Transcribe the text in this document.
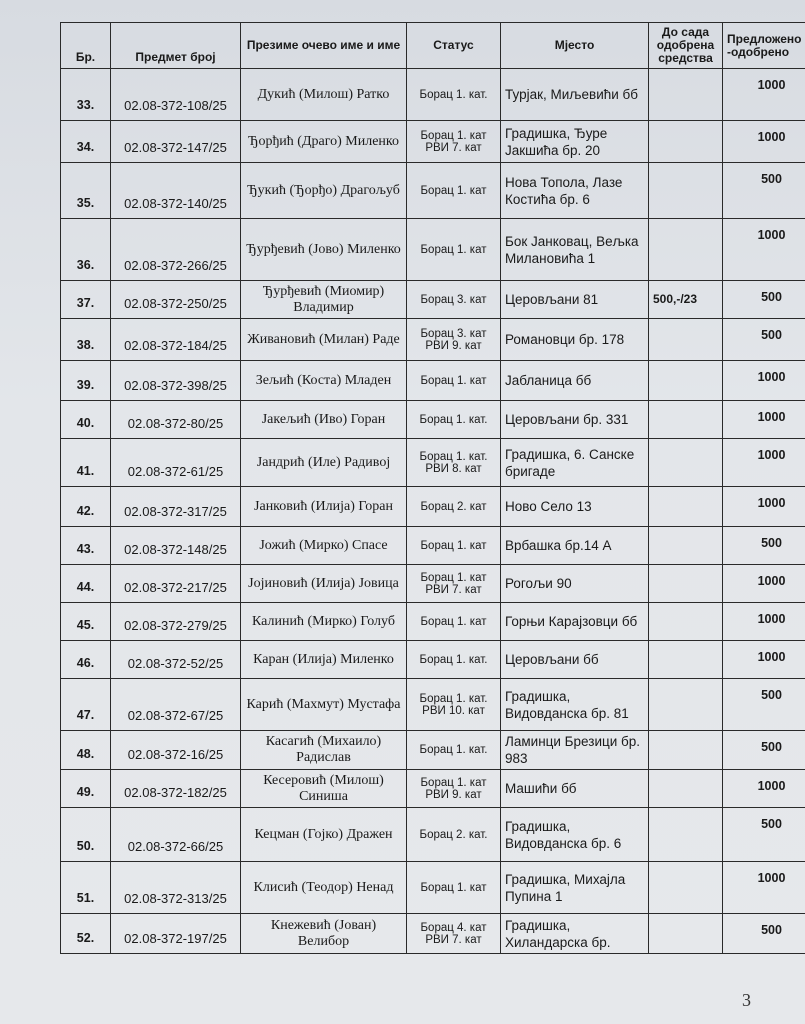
Бр.	Предмет број	Презиме очево име и име	Статус	Мјесто	До сада одобрена средства	Предложено -одобрено
33.	02.08-372-108/25	Дукић (Милош) Ратко	Борац 1. кат.	Турјак, Миљевићи бб		1000
34.	02.08-372-147/25	Ђорђић (Драго) Миленко	Борац 1. кат РВИ 7. кат	Градишка, Ђуре Јакшића бр. 20		1000
35.	02.08-372-140/25	Ђукић (Ђорђо) Драгољуб	Борац 1. кат	Нова Топола, Лазе Костића бр. 6		500
36.	02.08-372-266/25	Ђурђевић (Јово) Миленко	Борац 1. кат	Бок Јанковац, Вељка Милановића 1		1000
37.	02.08-372-250/25	Ђурђевић (Миомир) Владимир	Борац 3. кат	Церовљани 81	500,-/23	500
38.	02.08-372-184/25	Живановић (Милан) Раде	Борац 3. кат РВИ 9. кат	Романовци бр. 178		500
39.	02.08-372-398/25	Зељић (Коста) Младен	Борац 1. кат	Јабланица бб		1000
40.	02.08-372-80/25	Јакељић (Иво) Горан	Борац 1. кат.	Церовљани бр. 331		1000
41.	02.08-372-61/25	Јандрић (Иле) Радивој	Борац 1. кат. РВИ 8. кат	Градишка, 6. Санске бригаде		1000
42.	02.08-372-317/25	Јанковић (Илија) Горан	Борац 2. кат	Ново Село 13		1000
43.	02.08-372-148/25	Јожић (Мирко) Спасе	Борац 1. кат	Врбашка бр.14 А		500
44.	02.08-372-217/25	Јојиновић (Илија) Јовица	Борац 1. кат РВИ 7. кат	Рогољи 90		1000
45.	02.08-372-279/25	Калинић (Мирко) Голуб	Борац 1. кат	Горњи Карајзовци бб		1000
46.	02.08-372-52/25	Каран (Илија) Миленко	Борац 1. кат.	Церовљани бб		1000
47.	02.08-372-67/25	Карић (Махмут) Мустафа	Борац 1. кат. РВИ 10. кат	Градишка, Видовданска бр. 81		500
48.	02.08-372-16/25	Касагић (Михаило) Радислав	Борац 1. кат.	Ламинци Брезици бр. 983		500
49.	02.08-372-182/25	Кесеровић (Милош) Синиша	Борац 1. кат РВИ 9. кат	Машићи бб		1000
50.	02.08-372-66/25	Кецман (Гојко) Дражен	Борац 2. кат.	Градишка, Видовданска бр. 6		500
51.	02.08-372-313/25	Клисић (Теодор) Ненад	Борац 1. кат	Градишка, Михајла Пупина 1		1000
52.	02.08-372-197/25	Кнежевић (Јован) Велибор	Борац 4. кат РВИ 7. кат	Градишка, Хиландарска бр.		500
3
